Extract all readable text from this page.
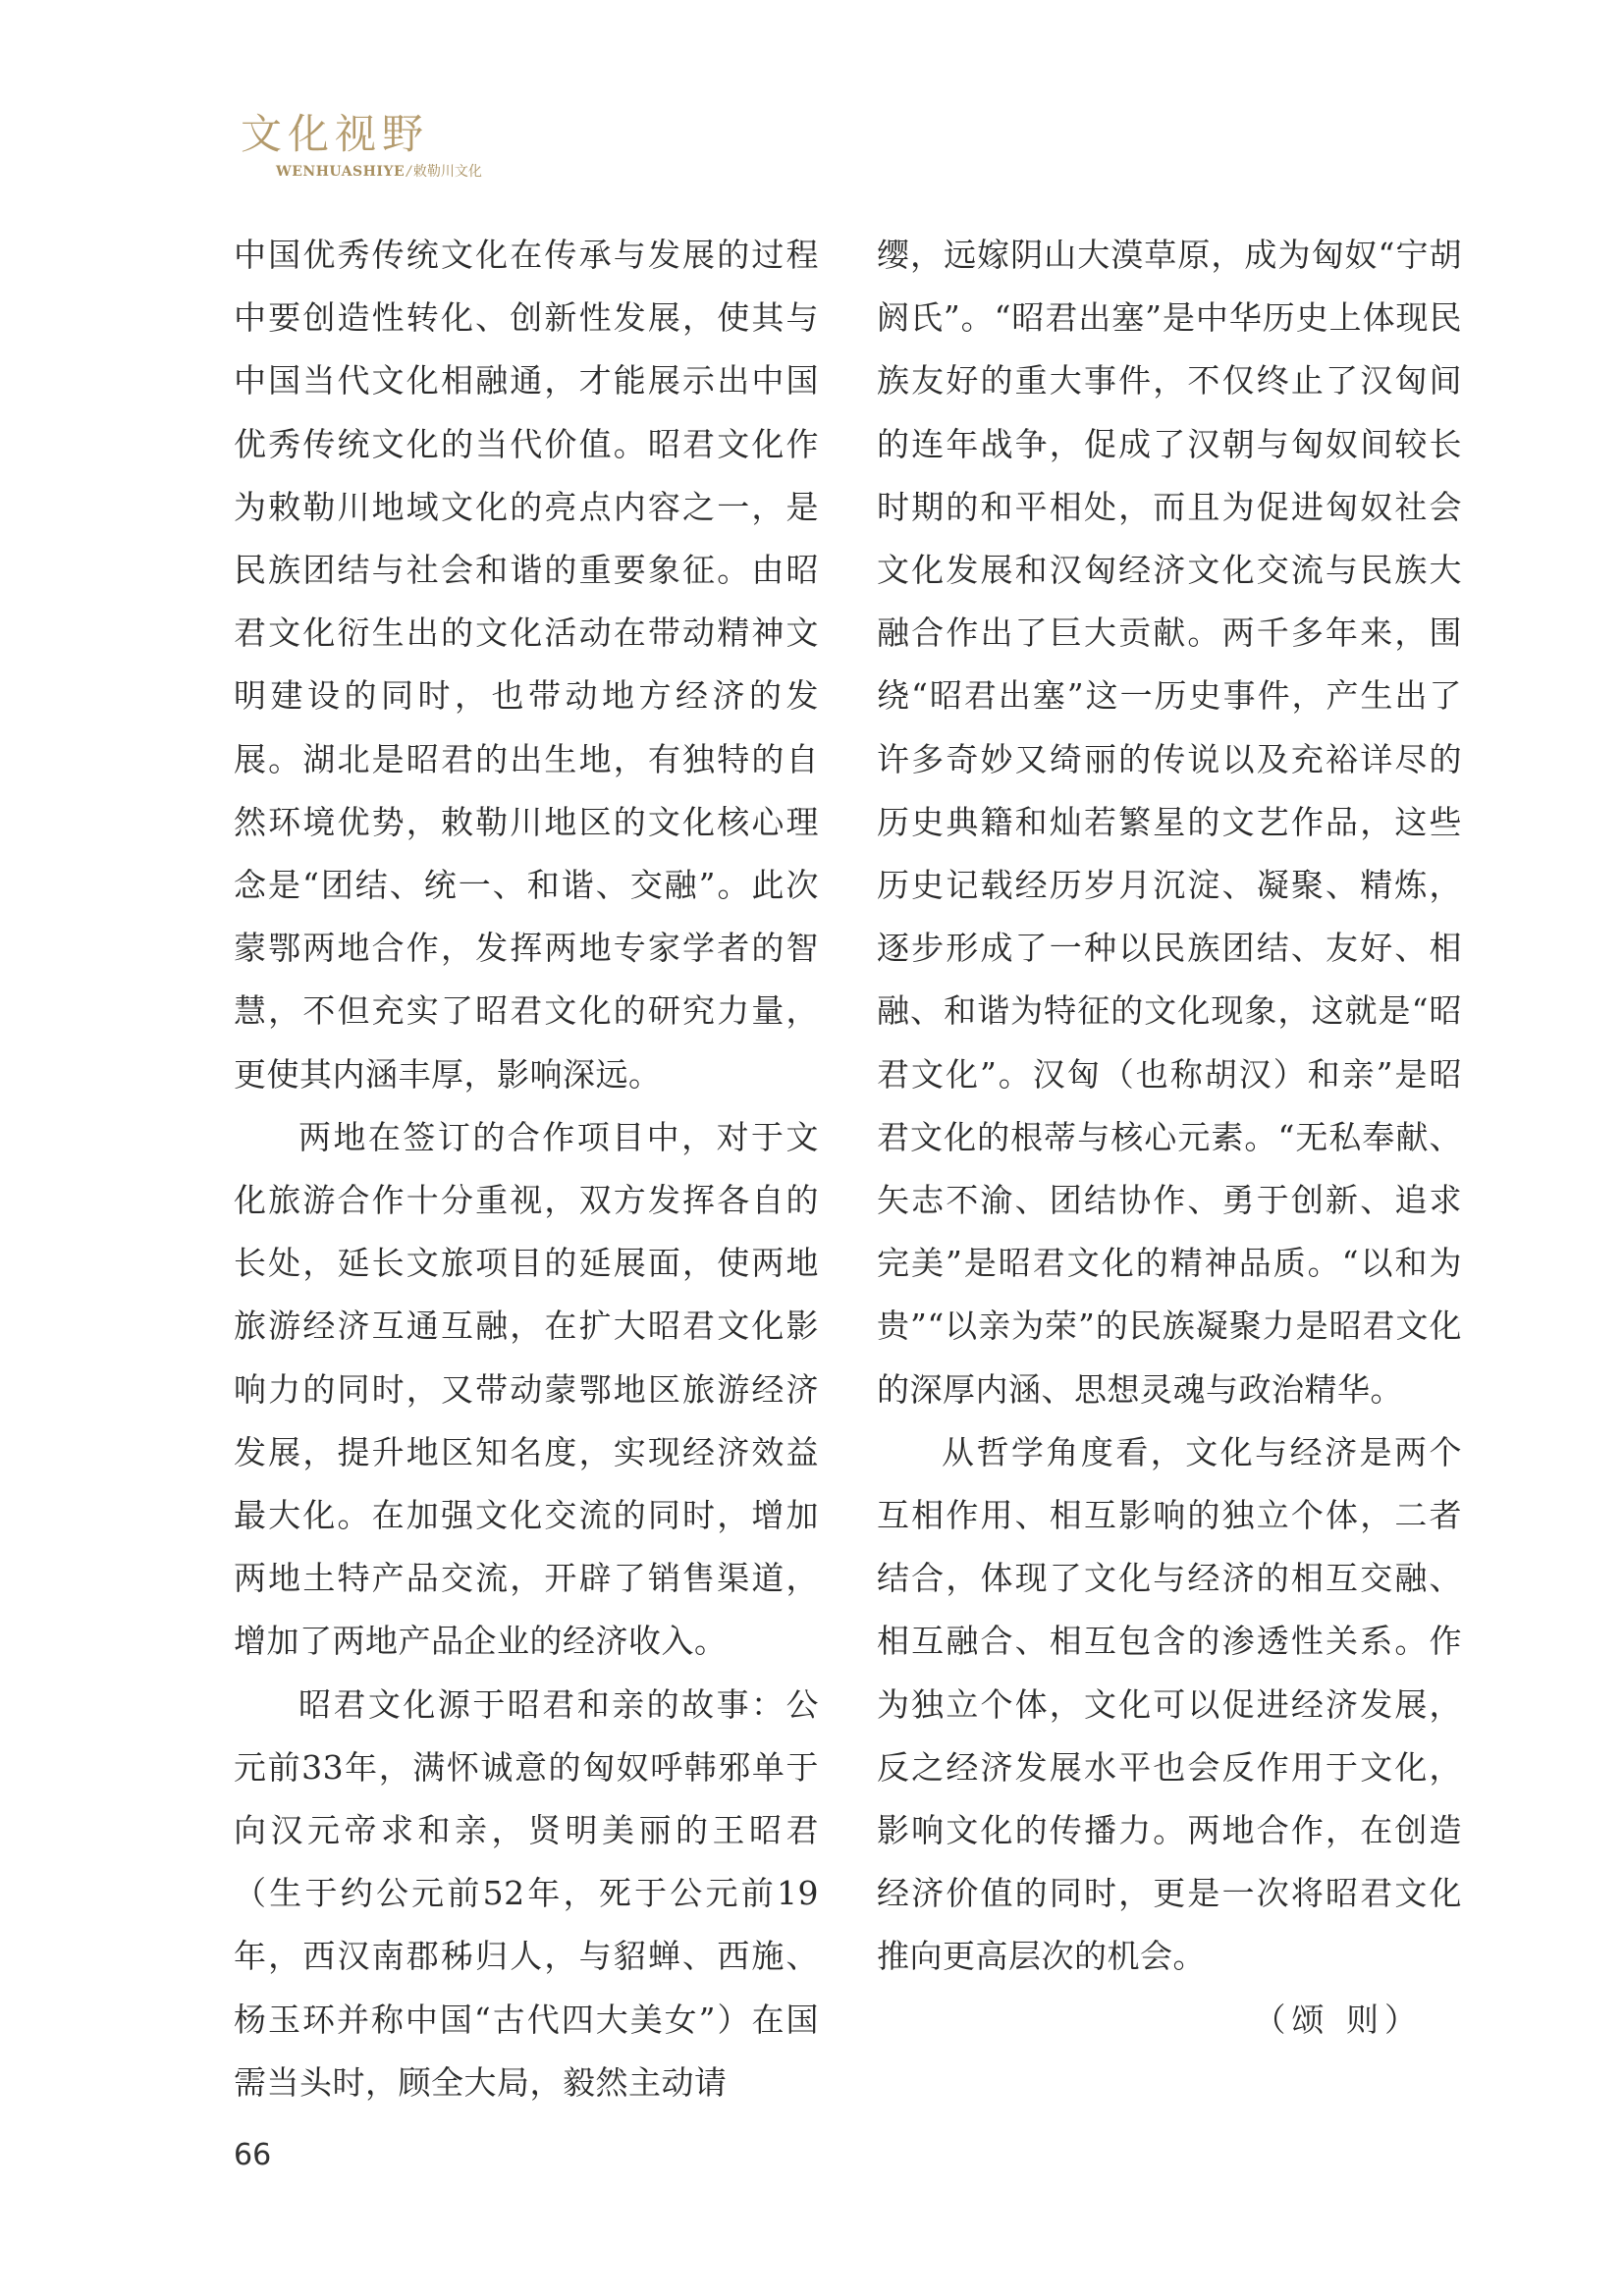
文化视野
WENHUASHIYE / 敕勒川文化

中国优秀传统文化在传承与发展的过程中要创造性转化、创新性发展，使其与中国当代文化相融通，才能展示出中国优秀传统文化的当代价值。昭君文化作为敕勒川地域文化的亮点内容之一，是民族团结与社会和谐的重要象征。由昭君文化衍生出的文化活动在带动精神文明建设的同时，也带动地方经济的发展。湖北是昭君的出生地，有独特的自然环境优势，敕勒川地区的文化核心理念是“团结、统一、和谐、交融”。此次蒙鄂两地合作，发挥两地专家学者的智慧，不但充实了昭君文化的研究力量，更使其内涵丰厚，影响深远。

两地在签订的合作项目中，对于文化旅游合作十分重视，双方发挥各自的长处，延长文旅项目的延展面，使两地旅游经济互通互融，在扩大昭君文化影响力的同时，又带动蒙鄂地区旅游经济发展，提升地区知名度，实现经济效益最大化。在加强文化交流的同时，增加两地土特产品交流，开辟了销售渠道，增加了两地产品企业的经济收入。

昭君文化源于昭君和亲的故事：公元前33年，满怀诚意的匈奴呼韩邪单于向汉元帝求和亲，贤明美丽的王昭君（生于约公元前52年，死于公元前19年，西汉南郡秭归人，与貂蝉、西施、杨玉环并称中国“古代四大美女”）在国需当头时，顾全大局，毅然主动请

缨，远嫁阴山大漠草原，成为匈奴“宁胡阏氏”。“昭君出塞”是中华历史上体现民族友好的重大事件，不仅终止了汉匈间的连年战争，促成了汉朝与匈奴间较长时期的和平相处，而且为促进匈奴社会文化发展和汉匈经济文化交流与民族大融合作出了巨大贡献。两千多年来，围绕“昭君出塞”这一历史事件，产生出了许多奇妙又绮丽的传说以及充裕详尽的历史典籍和灿若繁星的文艺作品，这些历史记载经历岁月沉淀、凝聚、精炼，逐步形成了一种以民族团结、友好、相融、和谐为特征的文化现象，这就是“昭君文化”。汉匈（也称胡汉）和亲”是昭君文化的根蒂与核心元素。“无私奉献、矢志不渝、团结协作、勇于创新、追求完美”是昭君文化的精神品质。“以和为贵”“以亲为荣”的民族凝聚力是昭君文化的深厚内涵、思想灵魂与政治精华。

从哲学角度看，文化与经济是两个互相作用、相互影响的独立个体，二者结合，体现了文化与经济的相互交融、相互融合、相互包含的渗透性关系。作为独立个体，文化可以促进经济发展，反之经济发展水平也会反作用于文化，影响文化的传播力。两地合作，在创造经济价值的同时，更是一次将昭君文化推向更高层次的机会。

（颂 则）

66
